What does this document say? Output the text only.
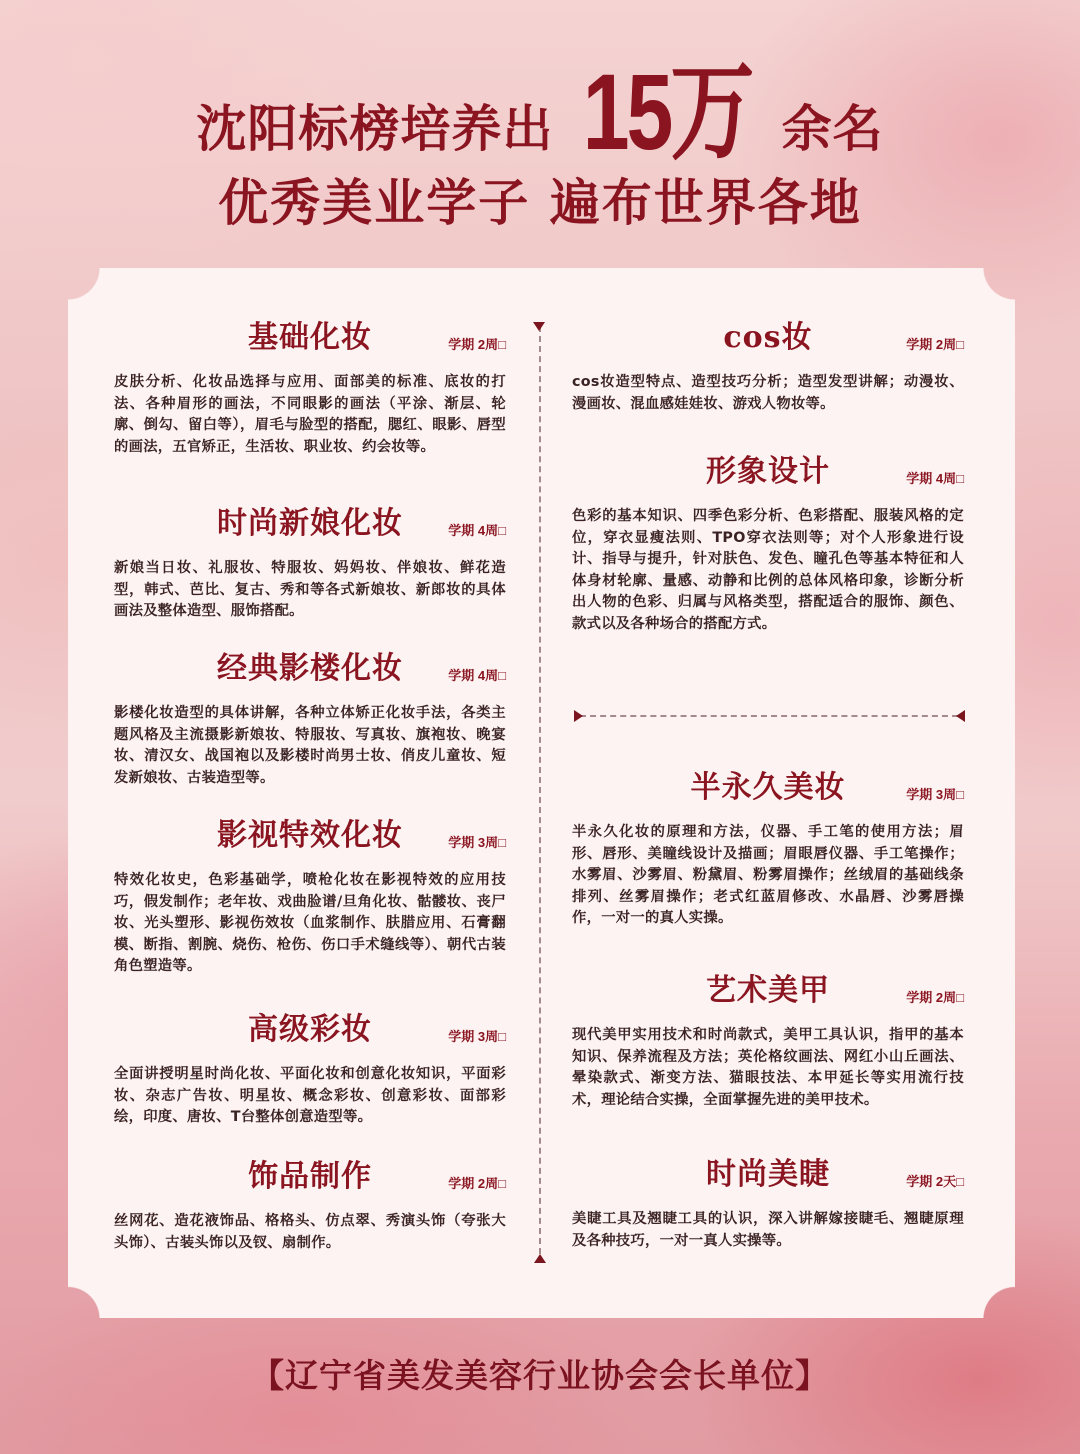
沈阳标榜培养出 15万 余名
优秀美业学子 遍布世界各地
基础化妆	学期 2周□
皮肤分析、化妆品选择与应用、面部美的标准、底妆的打法、各种眉形的画法，不同眼影的画法（平涂、渐层、轮廓、倒勾、留白等），眉毛与脸型的搭配，腮红、眼影、唇型的画法，五官矫正，生活妆、职业妆、约会妆等。
时尚新娘化妆	学期 4周□
新娘当日妆、礼服妆、特服妆、妈妈妆、伴娘妆、鲜花造型，韩式、芭比、复古、秀和等各式新娘妆、新郎妆的具体画法及整体造型、服饰搭配。
经典影楼化妆	学期 4周□
影楼化妆造型的具体讲解，各种立体矫正化妆手法，各类主题风格及主流摄影新娘妆、特服妆、写真妆、旗袍妆、晚宴妆、清汉女、战国袍以及影楼时尚男士妆、俏皮儿童妆、短发新娘妆、古装造型等。
影视特效化妆	学期 3周□
特效化妆史，色彩基础学，喷枪化妆在影视特效的应用技巧，假发制作；老年妆、戏曲脸谱/旦角化妆、骷髅妆、丧尸妆、光头塑形、影视伤效妆（血浆制作、肤腊应用、石膏翻模、断指、割腕、烧伤、枪伤、伤口手术缝线等）、朝代古装角色塑造等。
高级彩妆	学期 3周□
全面讲授明星时尚化妆、平面化妆和创意化妆知识，平面彩妆、杂志广告妆、明星妆、概念彩妆、创意彩妆、面部彩绘，印度、唐妆、T台整体创意造型等。
饰品制作	学期 2周□
丝网花、造花液饰品、格格头、仿点翠、秀演头饰（夸张大头饰）、古装头饰以及钗、扇制作。
cos妆	学期 2周□
cos妆造型特点、造型技巧分析；造型发型讲解；动漫妆、漫画妆、混血感娃娃妆、游戏人物妆等。
形象设计	学期 4周□
色彩的基本知识、四季色彩分析、色彩搭配、服装风格的定位，穿衣显瘦法则、TPO穿衣法则等；对个人形象进行设计、指导与提升，针对肤色、发色、瞳孔色等基本特征和人体身材轮廓、量感、动静和比例的总体风格印象，诊断分析出人物的色彩、归属与风格类型，搭配适合的服饰、颜色、款式以及各种场合的搭配方式。
半永久美妆	学期 3周□
半永久化妆的原理和方法，仪器、手工笔的使用方法；眉形、唇形、美瞳线设计及描画；眉眼唇仪器、手工笔操作；水雾眉、沙雾眉、粉黛眉、粉雾眉操作；丝绒眉的基础线条排列、丝雾眉操作；老式红蓝眉修改、水晶唇、沙雾唇操作，一对一的真人实操。
艺术美甲	学期 2周□
现代美甲实用技术和时尚款式，美甲工具认识，指甲的基本知识、保养流程及方法；英伦格纹画法、网红小山丘画法、晕染款式、渐变方法、猫眼技法、本甲延长等实用流行技术，理论结合实操，全面掌握先进的美甲技术。
时尚美睫	学期 2天□
美睫工具及翘睫工具的认识，深入讲解嫁接睫毛、翘睫原理及各种技巧，一对一真人实操等。
【辽宁省美发美容行业协会会长单位】
